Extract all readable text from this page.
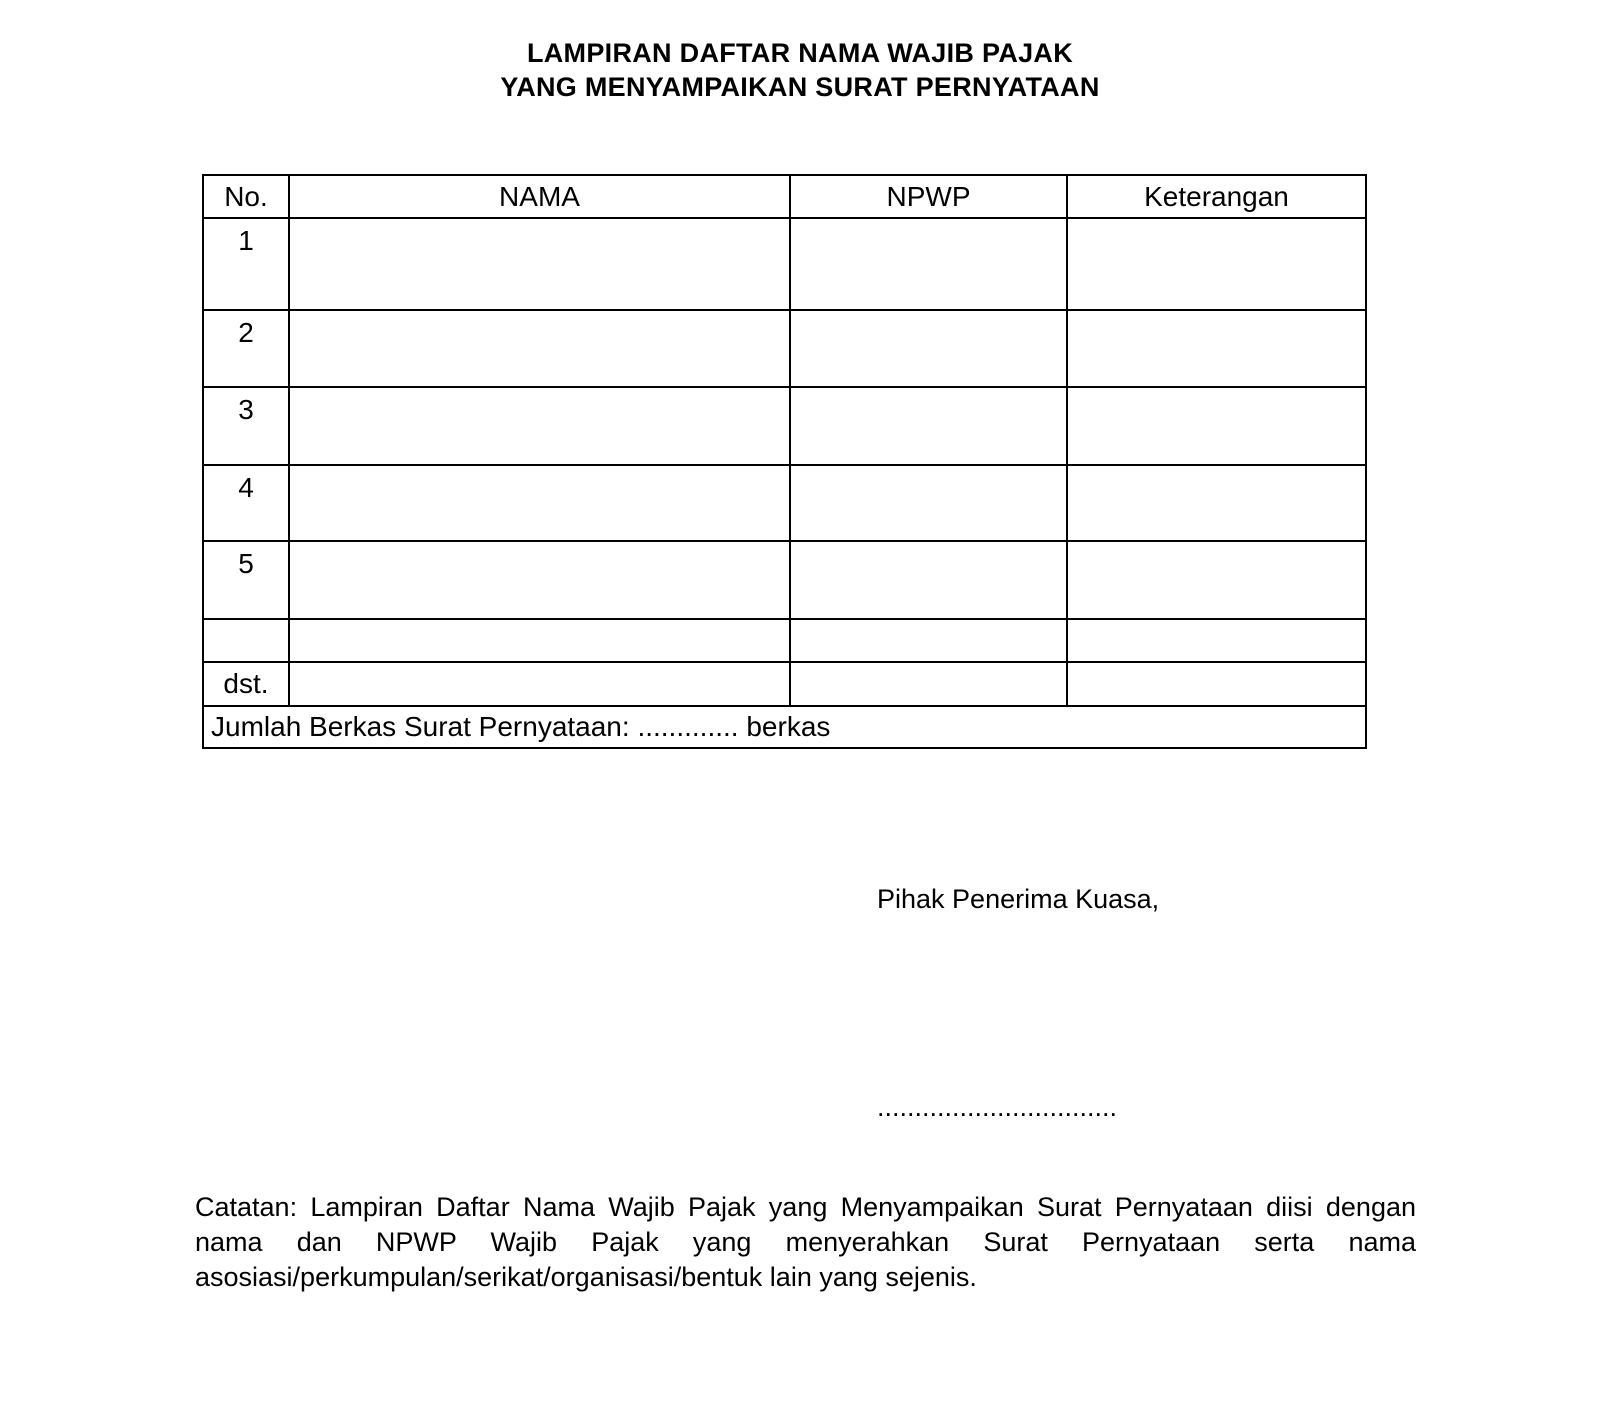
LAMPIRAN DAFTAR NAMA WAJIB PAJAK
YANG MENYAMPAIKAN SURAT PERNYATAAN
No.	NAMA	NPWP	Keterangan
1			
2			
3			
4			
5			

dst.			
Jumlah Berkas Surat Pernyataan: ............. berkas			
Pihak Penerima Kuasa,
................................
Catatan: Lampiran Daftar Nama Wajib Pajak yang Menyampaikan Surat Pernyataan diisi dengan nama dan NPWP Wajib Pajak yang menyerahkan Surat Pernyataan serta nama asosiasi/perkumpulan/serikat/organisasi/bentuk lain yang sejenis.
